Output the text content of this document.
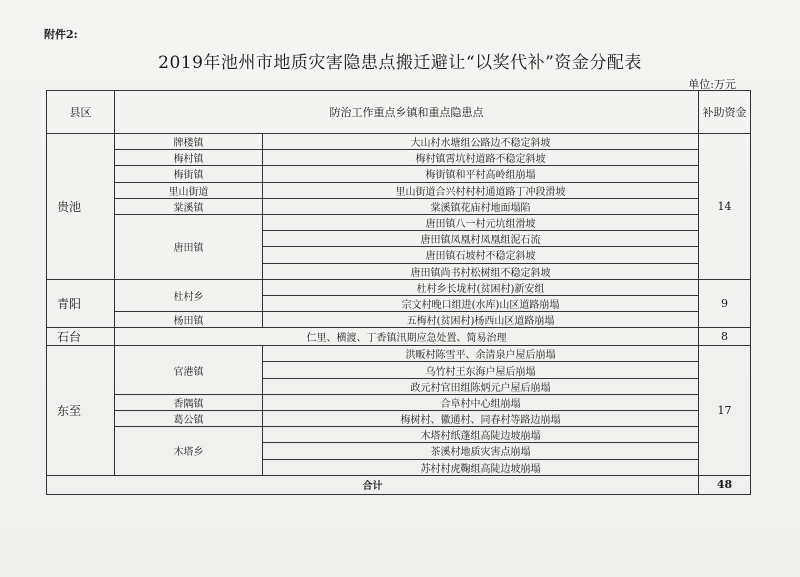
附件2:
2019年池州市地质灾害隐患点搬迁避让“以奖代补”资金分配表
单位:万元
县区	防治工作重点乡镇和重点隐患点		补助资金
贵池	牌楼镇	大山村水塘组公路边不稳定斜坡	14
	梅村镇	梅村镇霄坑村道路不稳定斜坡	
	梅街镇	梅街镇和平村高岭组崩塌	
	里山街道	里山街道合兴村村村通道路丁冲段滑坡	
	棠溪镇	棠溪镇花庙村地面塌陷	
	唐田镇	唐田镇八一村元坑组滑坡	
		唐田镇凤凰村凤凰组泥石流	
		唐田镇石坡村不稳定斜坡	
		唐田镇尚书村松树组不稳定斜坡	
青阳	杜村乡	杜村乡长垅村(贫困村)新安组	9
		宗文村晚口组进(水库)山区道路崩塌	
	杨田镇	五梅村(贫困村)杨西山区道路崩塌	
石台	仁里、横渡、丁香镇汛期应急处置、简易治理		8
东至	官港镇	洪畈村陈雪平、余清泉户屋后崩塌	17
		乌竹村王东海户屋后崩塌	
		政元村官田组陈炳元户屋后崩塌	
	香隅镇	合阜村中心组崩塌	
	葛公镇	梅树村、徽通村、同春村等路边崩塌	
	木塔乡	木塔村纸蓬组高陡边坡崩塌	
		茶溪村地质灾害点崩塌	
		苏村村虎鞠组高陡边坡崩塌	
合计			48
